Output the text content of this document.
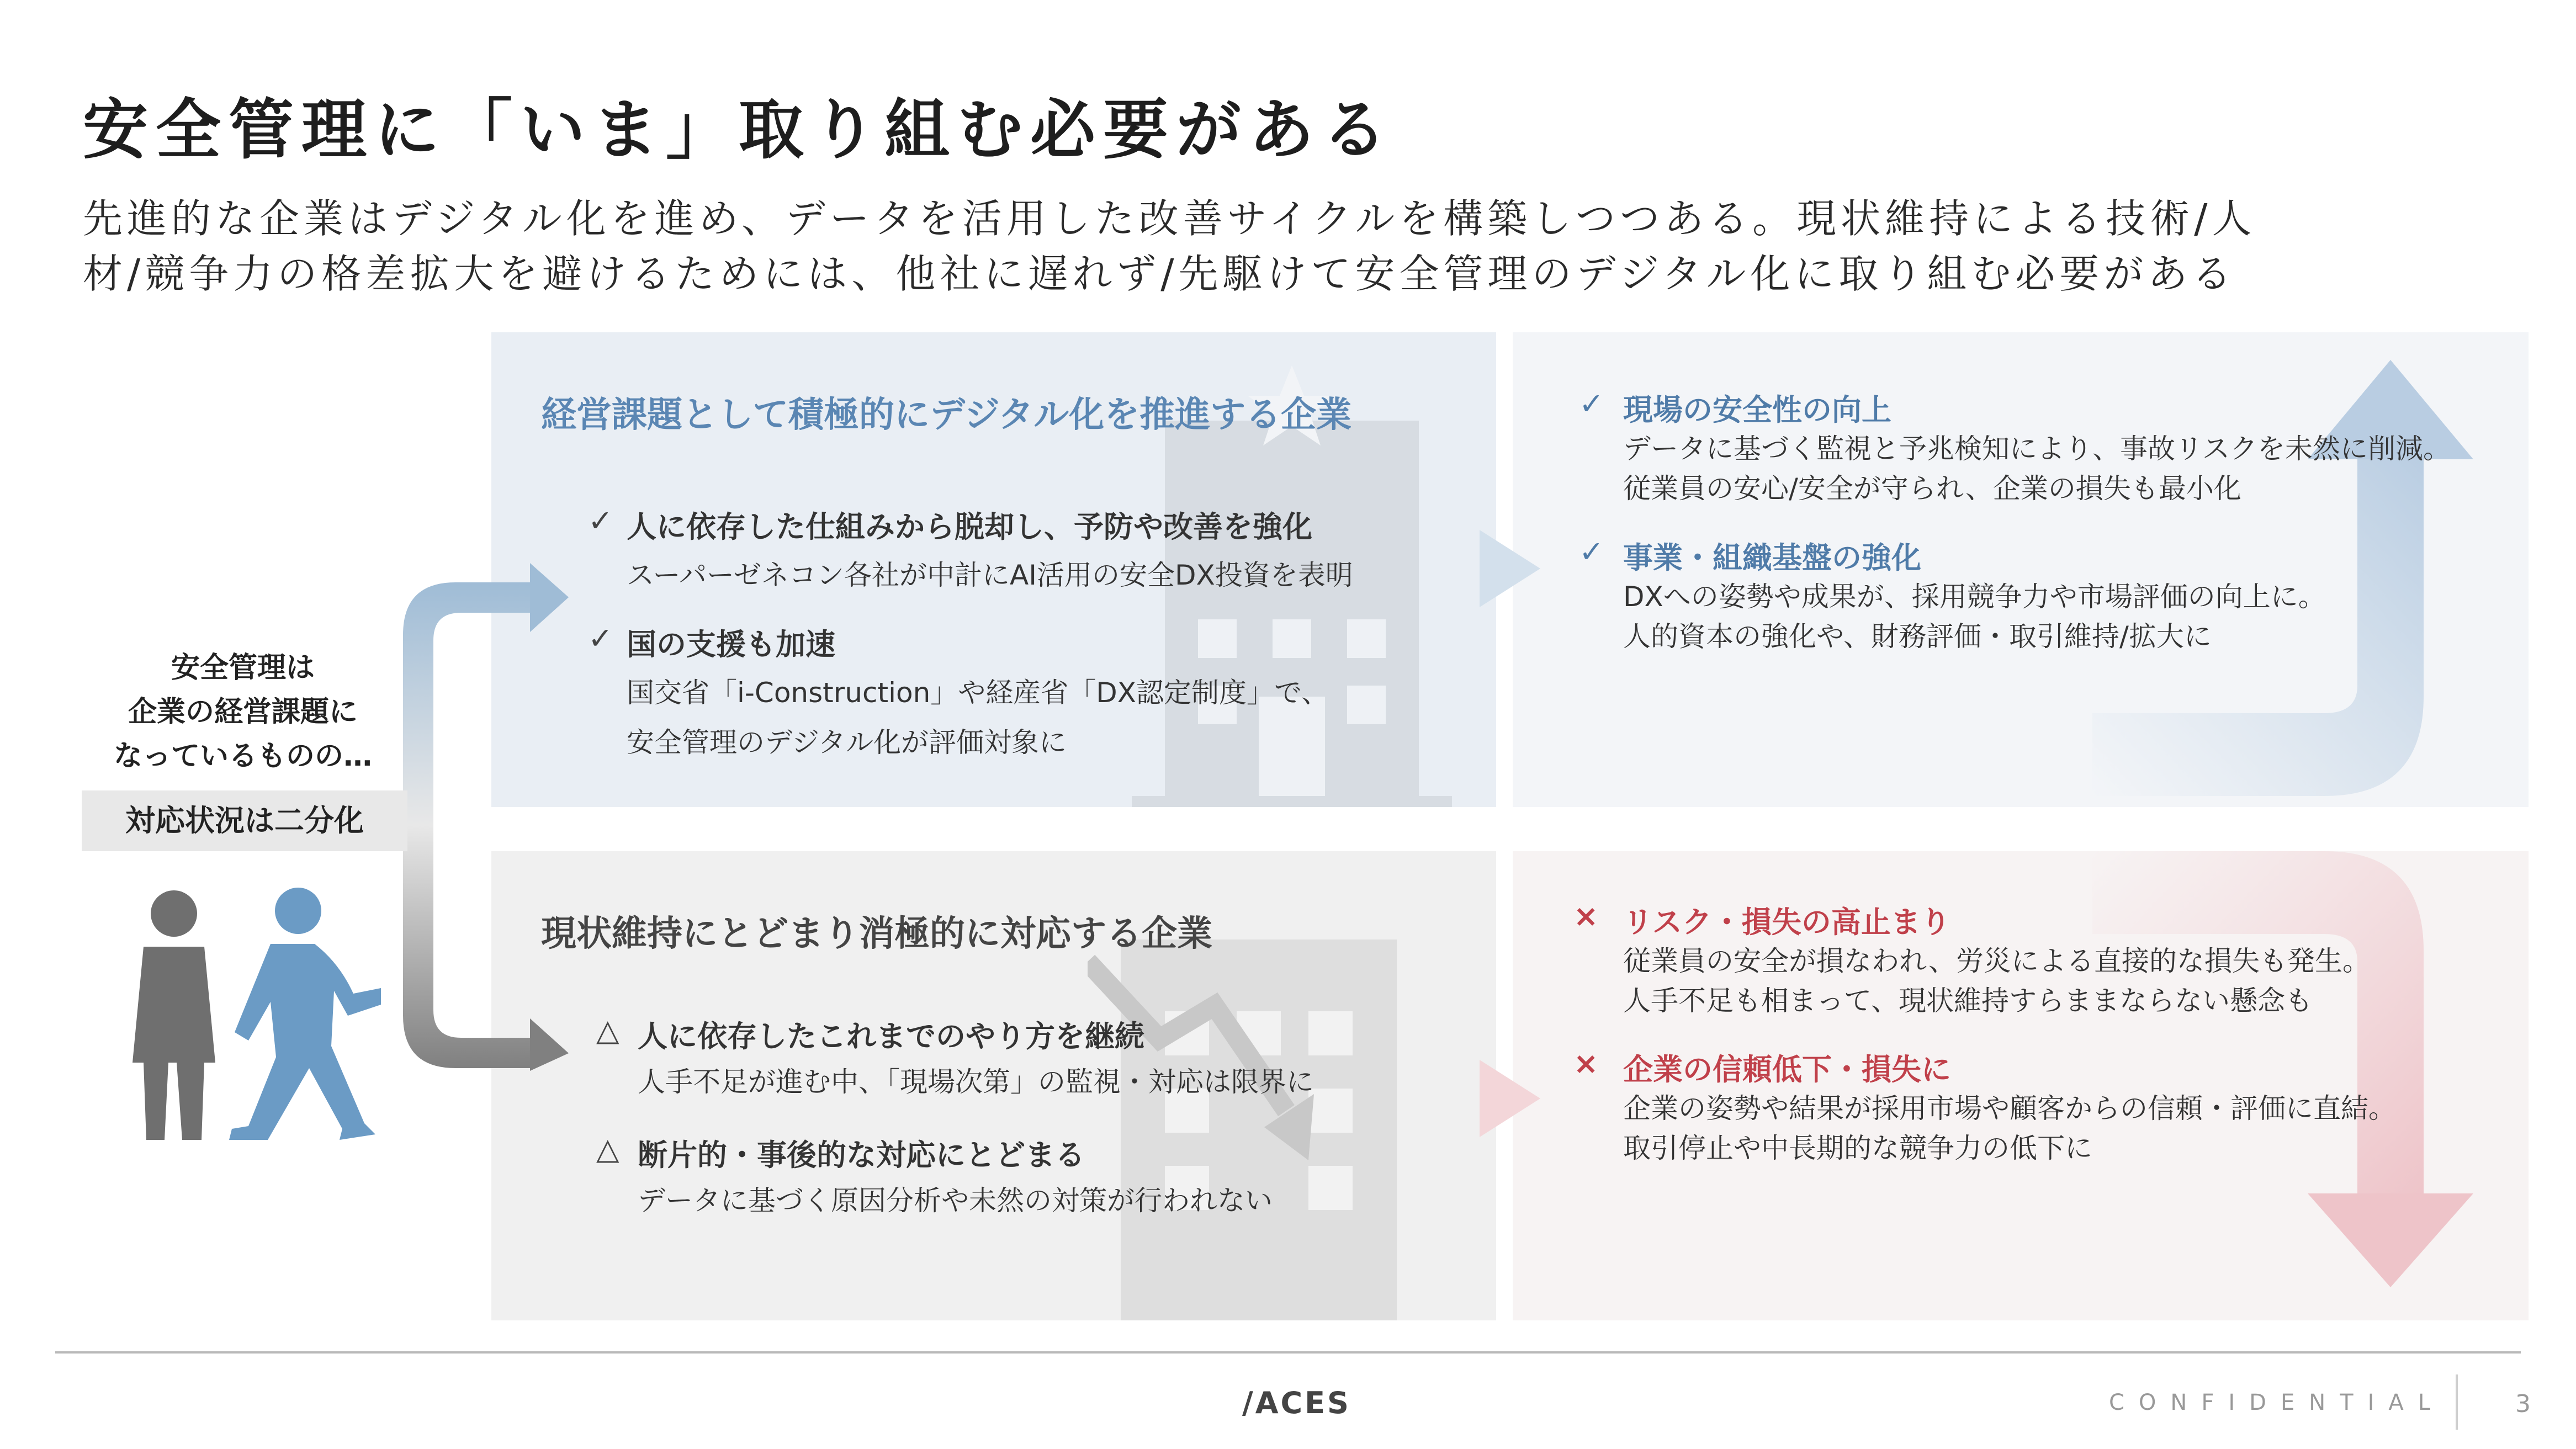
安全管理に「いま」取り組む必要がある
先進的な企業はデジタル化を進め、データを活用した改善サイクルを構築しつつある。現状維持による技術/人
材/競争力の格差拡大を避けるためには、他社に遅れず/先駆けて安全管理のデジタル化に取り組む必要がある
安全管理は
企業の経営課題に
なっているものの…
対応状況は二分化
経営課題として積極的にデジタル化を推進する企業
✓ 人に依存した仕組みから脱却し、予防や改善を強化
スーパーゼネコン各社が中計にAI活用の安全DX投資を表明
✓ 国の支援も加速
国交省「i-Construction」や経産省「DX認定制度」で、
安全管理のデジタル化が評価対象に
✓ 現場の安全性の向上
データに基づく監視と予兆検知により、事故リスクを未然に削減。
従業員の安心/安全が守られ、企業の損失も最小化
✓ 事業・組織基盤の強化
DXへの姿勢や成果が、採用競争力や市場評価の向上に。
人的資本の強化や、財務評価・取引維持/拡大に
現状維持にとどまり消極的に対応する企業
△ 人に依存したこれまでのやり方を継続
人手不足が進む中、「現場次第」の監視・対応は限界に
△ 断片的・事後的な対応にとどまる
データに基づく原因分析や未然の対策が行われない
× リスク・損失の高止まり
従業員の安全が損なわれ、労災による直接的な損失も発生。
人手不足も相まって、現状維持すらままならない懸念も
× 企業の信頼低下・損失に
企業の姿勢や結果が採用市場や顧客からの信頼・評価に直結。
取引停止や中長期的な競争力の低下に
/ACES	CONFIDENTIAL	3
